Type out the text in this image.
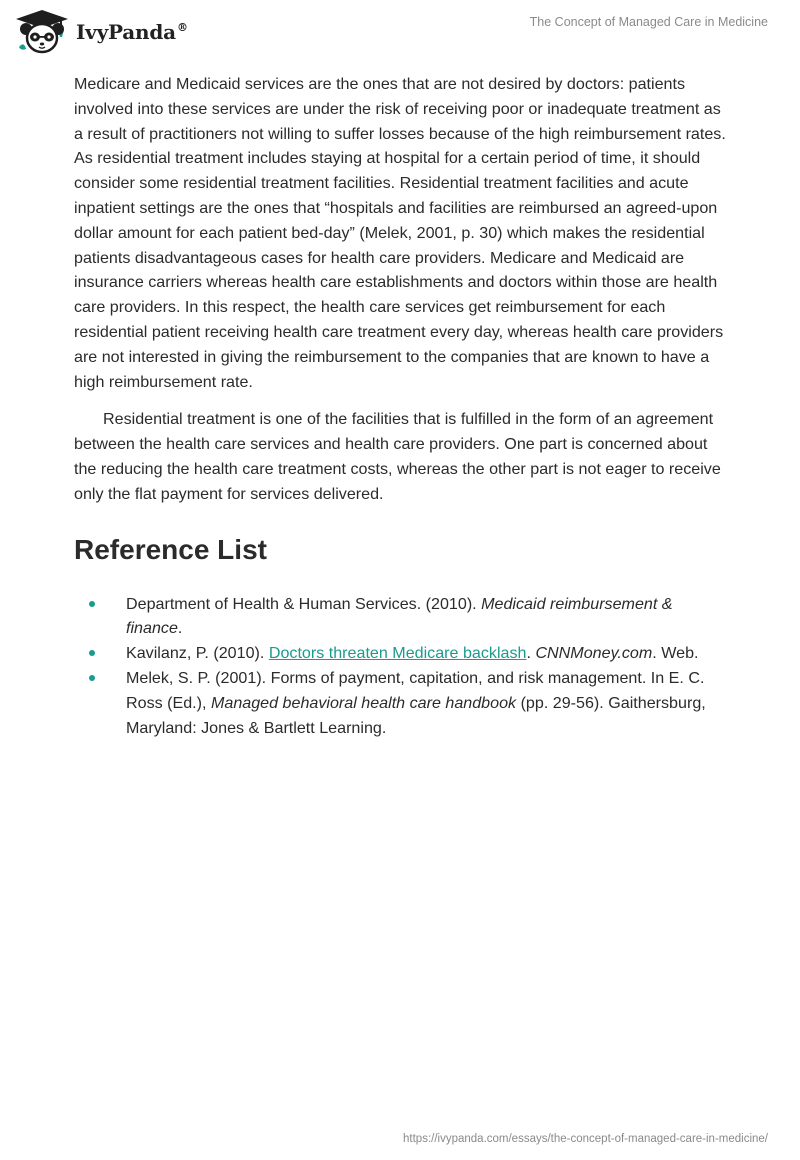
IvyPanda®	The Concept of Managed Care in Medicine

Medicare and Medicaid services are the ones that are not desired by doctors: patients involved into these services are under the risk of receiving poor or inadequate treatment as a result of practitioners not willing to suffer losses because of the high reimbursement rates. As residential treatment includes staying at hospital for a certain period of time, it should consider some residential treatment facilities. Residential treatment facilities and acute inpatient settings are the ones that “hospitals and facilities are reimbursed an agreed-upon dollar amount for each patient bed-day” (Melek, 2001, p. 30) which makes the residential patients disadvantageous cases for health care providers. Medicare and Medicaid are insurance carriers whereas health care establishments and doctors within those are health care providers. In this respect, the health care services get reimbursement for each residential patient receiving health care treatment every day, whereas health care providers are not interested in giving the reimbursement to the companies that are known to have a high reimbursement rate.

Residential treatment is one of the facilities that is fulfilled in the form of an agreement between the health care services and health care providers. One part is concerned about the reducing the health care treatment costs, whereas the other part is not eager to receive only the flat payment for services delivered.

Reference List
Department of Health & Human Services. (2010). Medicaid reimbursement & finance.
Kavilanz, P. (2010). Doctors threaten Medicare backlash. CNNMoney.com. Web.
Melek, S. P. (2001). Forms of payment, capitation, and risk management. In E. C. Ross (Ed.), Managed behavioral health care handbook (pp. 29-56). Gaithersburg, Maryland: Jones & Bartlett Learning.
https://ivypanda.com/essays/the-concept-of-managed-care-in-medicine/
